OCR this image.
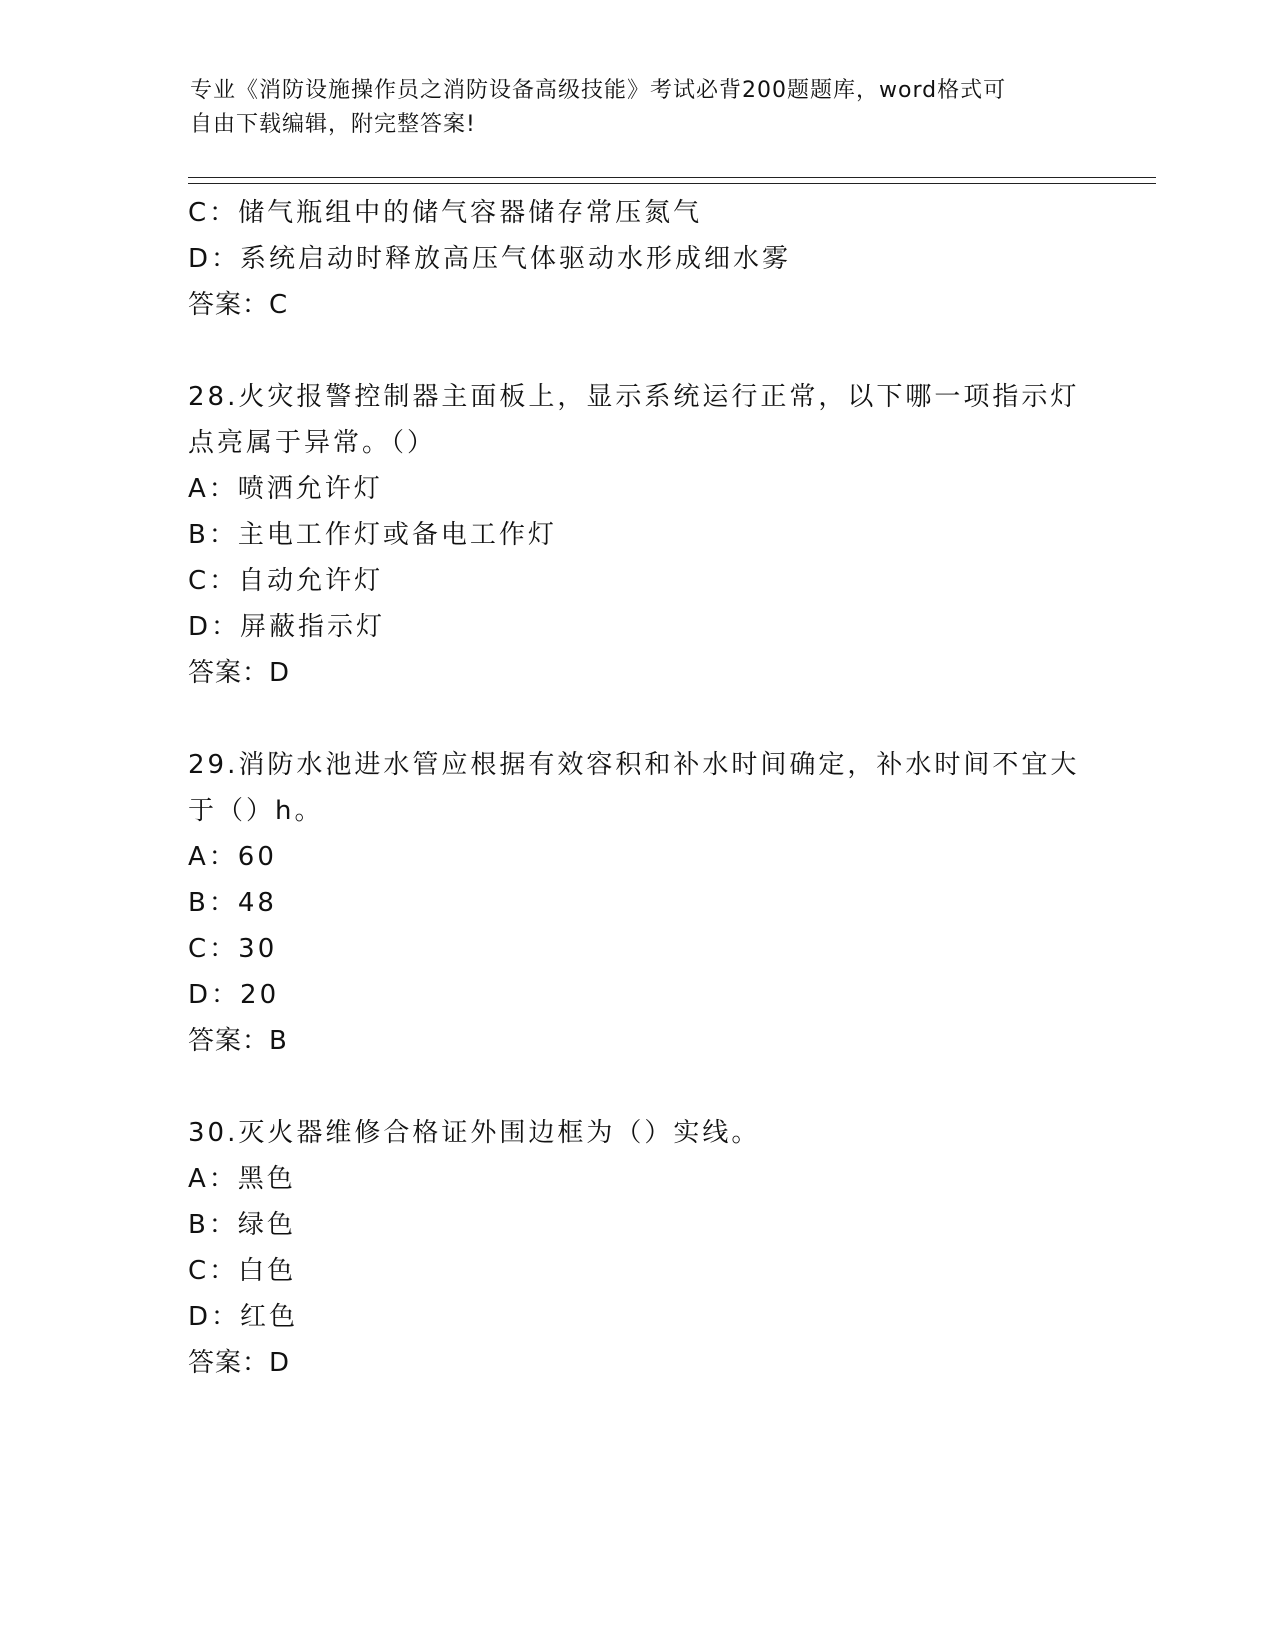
专业《消防设施操作员之消防设备高级技能》考试必背200题题库，word格式可
自由下载编辑，附完整答案!
C：储气瓶组中的储气容器储存常压氮气
D：系统启动时释放高压气体驱动水形成细水雾
答案：C
28.火灾报警控制器主面板上，显示系统运行正常，以下哪一项指示灯
点亮属于异常。（）
A：喷洒允许灯
B：主电工作灯或备电工作灯
C：自动允许灯
D：屏蔽指示灯
答案：D
29.消防水池进水管应根据有效容积和补水时间确定，补水时间不宜大
于（）h。
A：60
B：48
C：30
D：20
答案：B
30.灭火器维修合格证外围边框为（）实线。
A：黑色
B：绿色
C：白色
D：红色
答案：D
